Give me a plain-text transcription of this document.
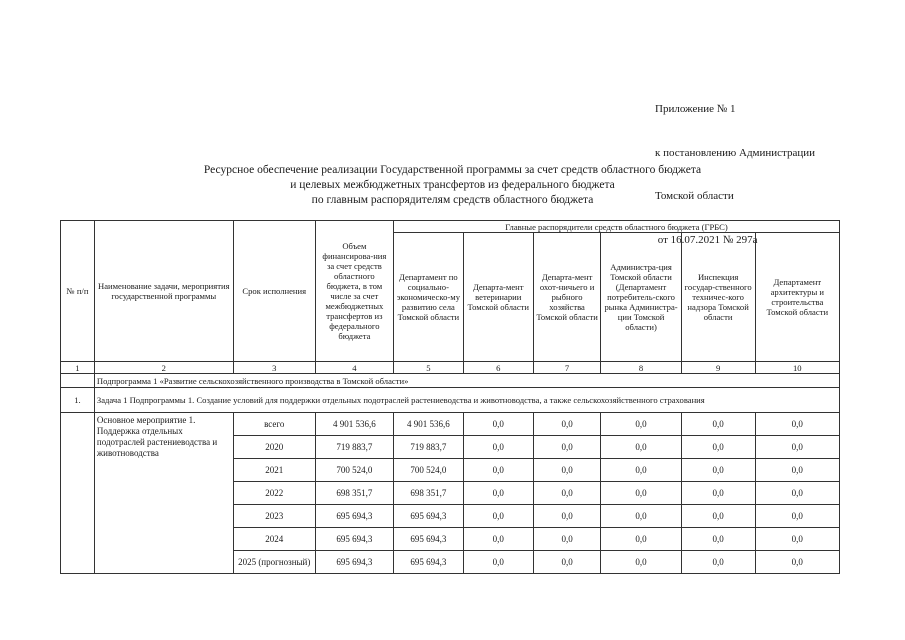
Приложение № 1

к постановлению Администрации

Томской области

от 16.07.2021 № 297а

Ресурсное обеспечение реализации Государственной программы за счет средств областного бюджета
и целевых межбюджетных трансфертов из федерального бюджета
по главным распорядителям средств областного бюджета
№ п/п	Наименование задачи, мероприятия государственной программы	Срок исполнения	Объем финансирова-ния за счет средств областного бюджета, в том числе за счет межбюджетных трансфертов из федерального бюджета	Главные распорядители средств областного бюджета (ГРБС)					
				Департамент по социально-экономическо-му развитию села Томской области	Департа-мент ветеринарии Томской области	Департа-мент охот-ничьего и рыбного хозяйства Томской области	Администра-ция Томской области (Департамент потребитель-ского рынка Администра-ции Томской области)	Инспекция государ-ственного техничес-кого надзора Томской области	Департамент архитектуры и строительства Томской области
1	2	3	4	5	6	7	8	9	10
	Подпрограмма 1 «Развитие сельскохозяйственного производства в Томской области»								
1.	Задача 1 Подпрограммы 1. Создание условий для поддержки отдельных подотраслей растениеводства и животноводства, а также сельскохозяйственного страхования								
	Основное мероприятие 1. Поддержка отдельных подотраслей растениеводства и животноводства	всего	4 901 536,6	4 901 536,6	0,0	0,0	0,0	0,0	0,0
		2020	719 883,7	719 883,7	0,0	0,0	0,0	0,0	0,0
		2021	700 524,0	700 524,0	0,0	0,0	0,0	0,0	0,0
		2022	698 351,7	698 351,7	0,0	0,0	0,0	0,0	0,0
		2023	695 694,3	695 694,3	0,0	0,0	0,0	0,0	0,0
		2024	695 694,3	695 694,3	0,0	0,0	0,0	0,0	0,0
		2025 (прогнозный)	695 694,3	695 694,3	0,0	0,0	0,0	0,0	0,0
